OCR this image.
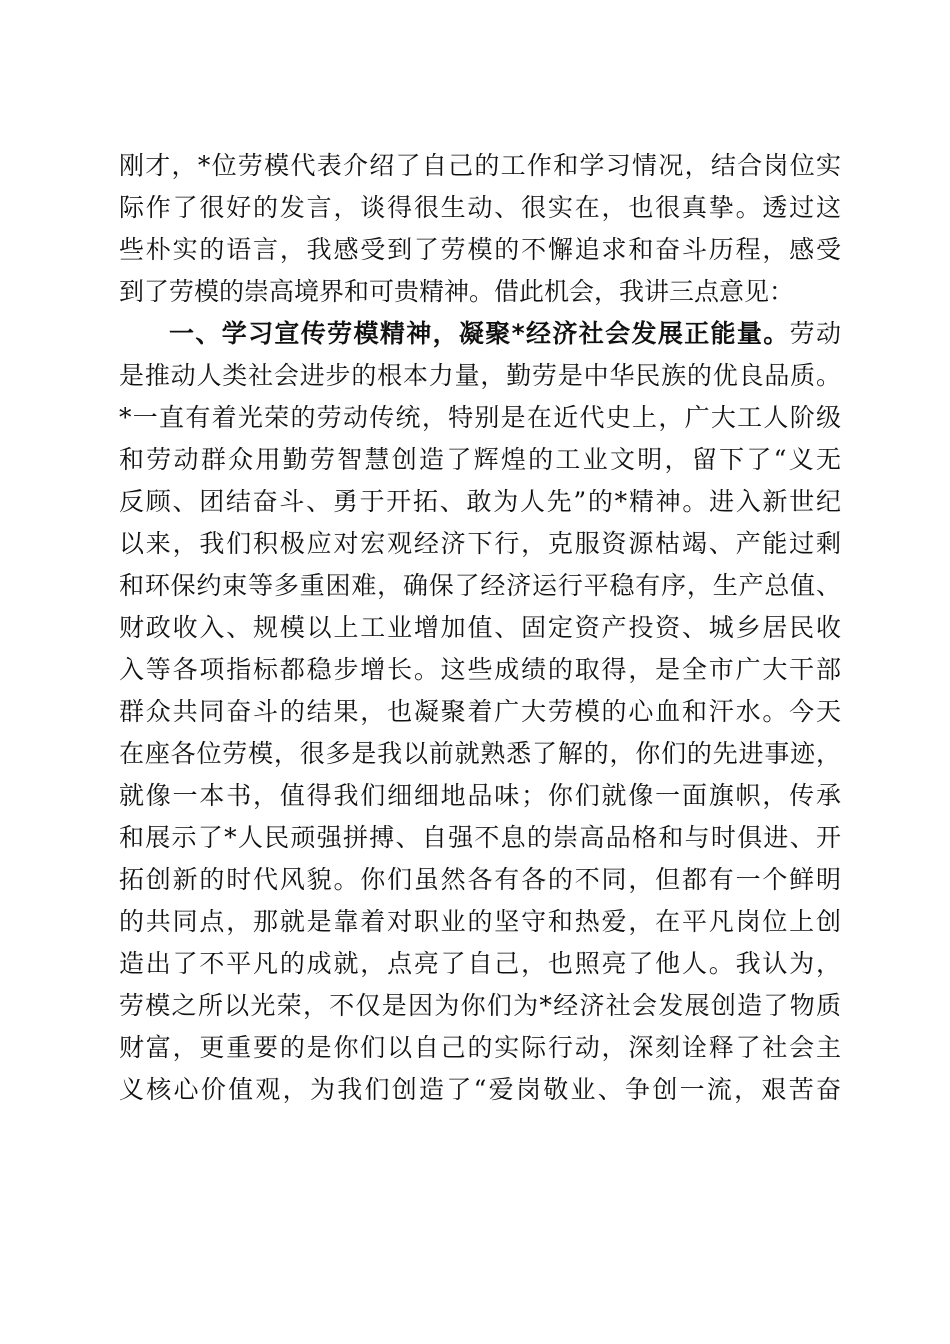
刚才，*位劳模代表介绍了自己的工作和学习情况，结合岗位实
际作了很好的发言，谈得很生动、很实在，也很真挚。透过这
些朴实的语言，我感受到了劳模的不懈追求和奋斗历程，感受
到了劳模的崇高境界和可贵精神。借此机会，我讲三点意见：
一、学习宣传劳模精神，凝聚*经济社会发展正能量。劳动
是推动人类社会进步的根本力量，勤劳是中华民族的优良品质。
*一直有着光荣的劳动传统，特别是在近代史上，广大工人阶级
和劳动群众用勤劳智慧创造了辉煌的工业文明，留下了“义无
反顾、团结奋斗、勇于开拓、敢为人先”的*精神。进入新世纪
以来，我们积极应对宏观经济下行，克服资源枯竭、产能过剩
和环保约束等多重困难，确保了经济运行平稳有序，生产总值、
财政收入、规模以上工业增加值、固定资产投资、城乡居民收
入等各项指标都稳步增长。这些成绩的取得，是全市广大干部
群众共同奋斗的结果，也凝聚着广大劳模的心血和汗水。今天
在座各位劳模，很多是我以前就熟悉了解的，你们的先进事迹，
就像一本书，值得我们细细地品味；你们就像一面旗帜，传承
和展示了*人民顽强拼搏、自强不息的崇高品格和与时俱进、开
拓创新的时代风貌。你们虽然各有各的不同，但都有一个鲜明
的共同点，那就是靠着对职业的坚守和热爱，在平凡岗位上创
造出了不平凡的成就，点亮了自己，也照亮了他人。我认为，
劳模之所以光荣，不仅是因为你们为*经济社会发展创造了物质
财富，更重要的是你们以自己的实际行动，深刻诠释了社会主
义核心价值观，为我们创造了“爱岗敬业、争创一流，艰苦奋
